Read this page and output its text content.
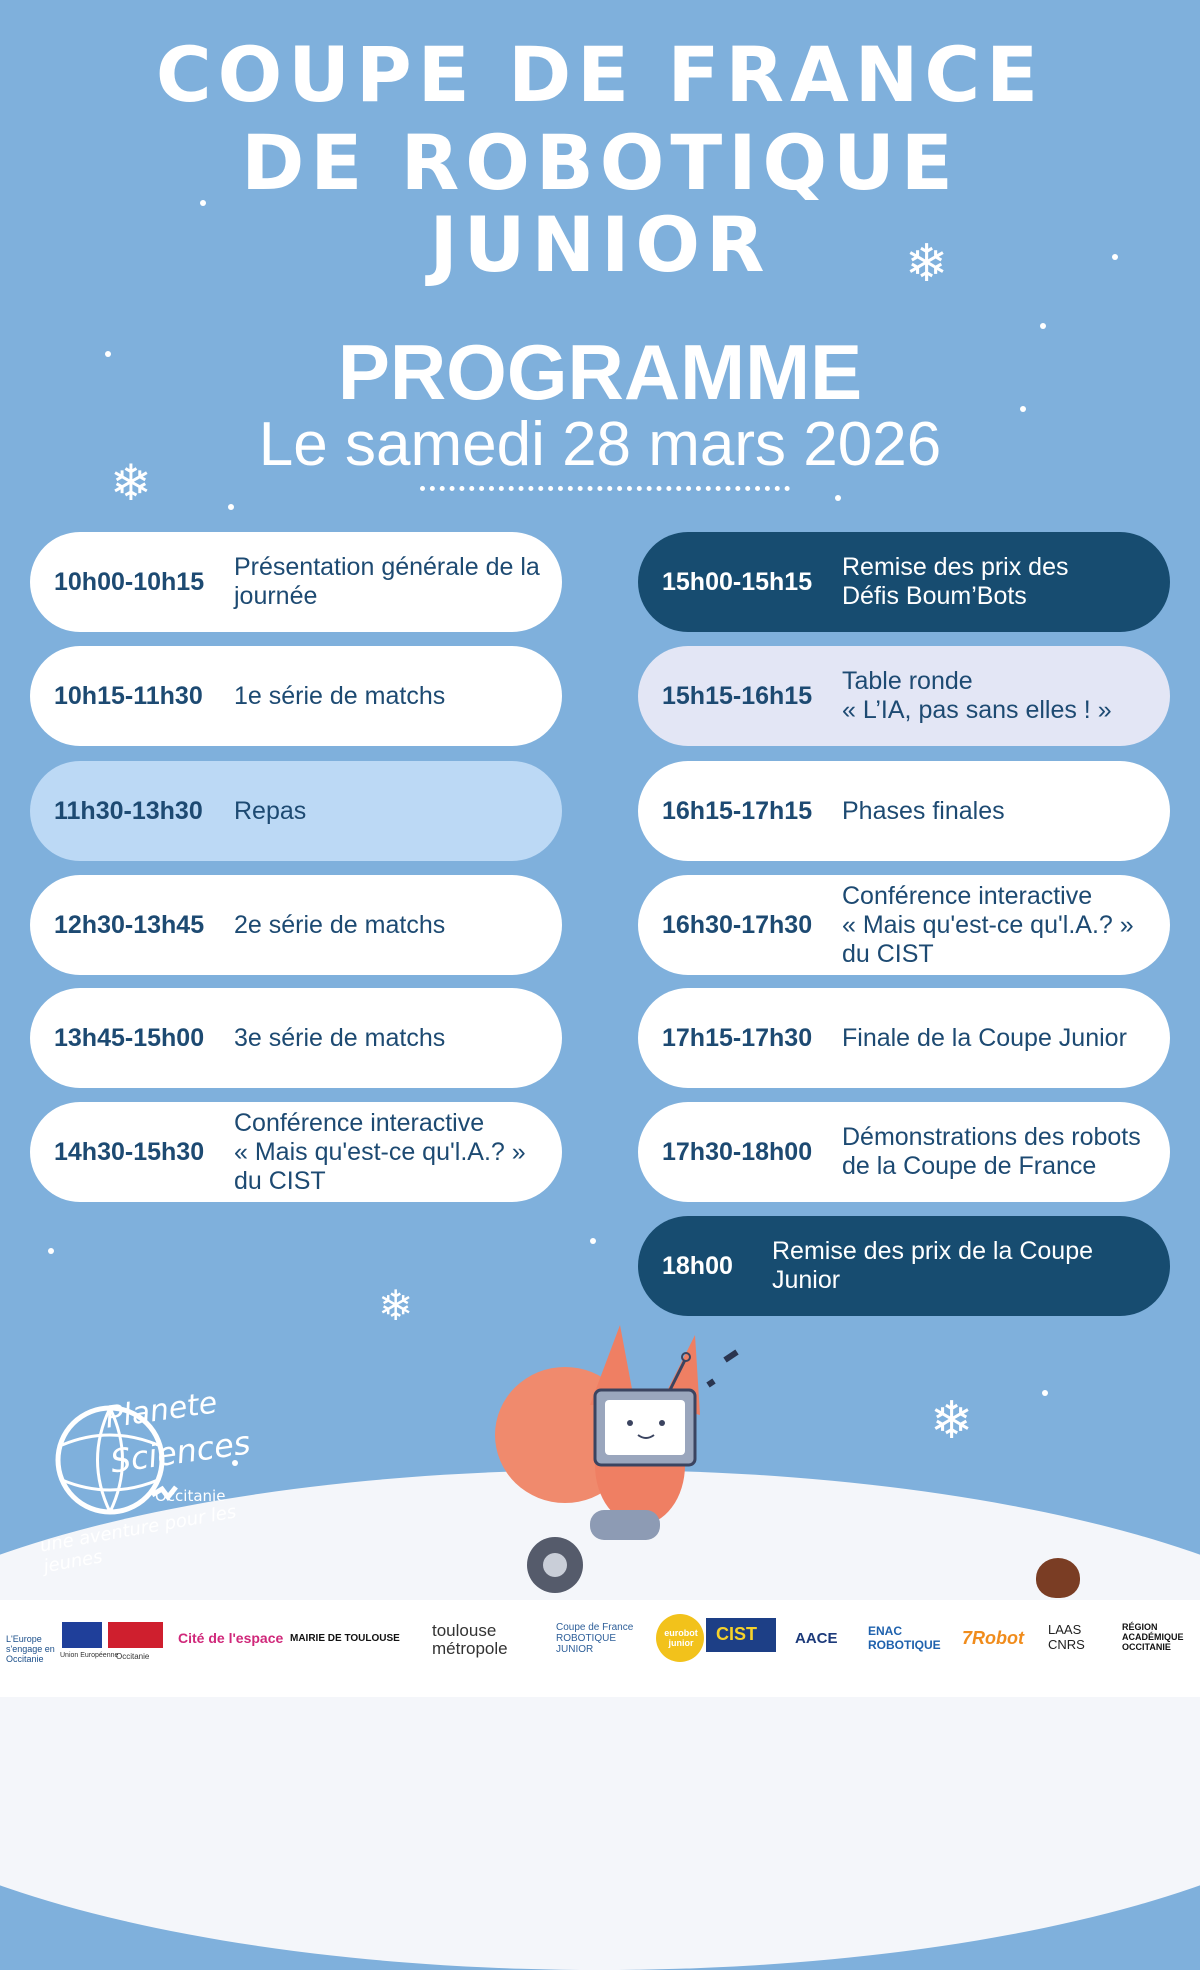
❄
❄
❄
❄
COUPE DE FRANCE
DE ROBOTIQUE
JUNIOR
PROGRAMME
Le samedi 28 mars 2026
10h00-10h15
Présentation générale de la
journée
10h15-11h30	1e série de matchs
11h30-13h30	Repas
12h30-13h45	2e série de matchs
13h45-15h00	3e série de matchs
14h30-15h30
Conférence interactive
« Mais qu'est-ce qu'l.A.? »
du CIST
15h00-15h15
Remise des prix des
Défis Boum’Bots
15h15-16h15
Table ronde
« L’IA, pas sans elles ! »
16h15-17h15	Phases finales
16h30-17h30
Conférence interactive
« Mais qu'est-ce qu'l.A.? »
du CIST
17h15-17h30	Finale de la Coupe Junior
17h30-18h00
Démonstrations des robots
de la Coupe de France
18h00
Remise des prix de la Coupe Junior
Planete
Sciences
Occitanie
une aventure pour les jeunes
L'Europe s'engage en Occitanie	Union Européenne
Occitanie
Cité de l'espace MAIRIE DE TOULOUSE toulouse métropole
Coupe de France ROBOTIQUE JUNIOR
eurobot junior	CIST	AACE	ENAC ROBOTIQUE 7Robot LAAS CNRS
RÉGION ACADÉMIQUE OCCITANIE
